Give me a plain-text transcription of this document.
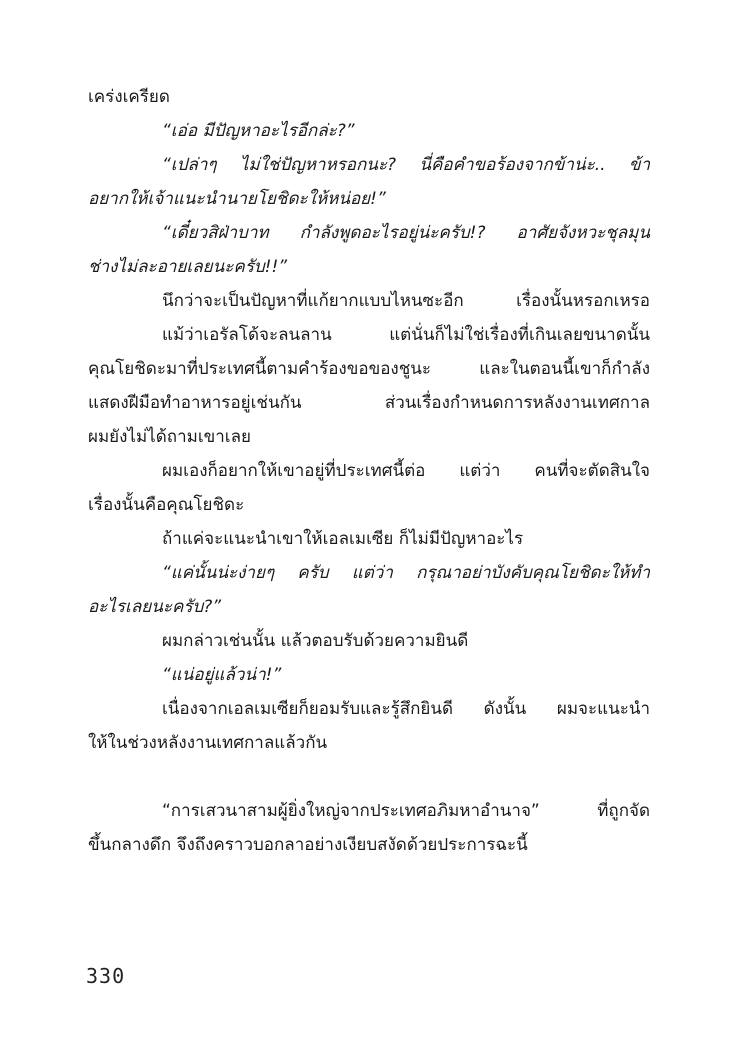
เคร่งเครียด
“เอ่อ มีปัญหาอะไรอีกล่ะ?”
“เปล่าๆ ไม่ใช่ปัญหาหรอกนะ? นี่คือคำขอร้องจากข้าน่ะ.. ข้า
อยากให้เจ้าแนะนำนายโยชิดะให้หน่อย!”
“เดี๋ยวสิฝ่าบาท กำลังพูดอะไรอยู่น่ะครับ!? อาศัยจังหวะชุลมุน
ช่างไม่ละอายเลยนะครับ!!”
นึกว่าจะเป็นปัญหาที่แก้ยากแบบไหนซะอีก เรื่องนั้นหรอกเหรอ
แม้ว่าเอรัลโด้จะลนลาน แต่นั่นก็ไม่ใช่เรื่องที่เกินเลยขนาดนั้น
คุณโยชิดะมาที่ประเทศนี้ตามคำร้องขอของชูนะ และในตอนนี้เขาก็กำลัง
แสดงฝีมือทำอาหารอยู่เช่นกัน ส่วนเรื่องกำหนดการหลังงานเทศกาล
ผมยังไม่ได้ถามเขาเลย
ผมเองก็อยากให้เขาอยู่ที่ประเทศนี้ต่อ แต่ว่า คนที่จะตัดสินใจ
เรื่องนั้นคือคุณโยชิดะ
ถ้าแค่จะแนะนำเขาให้เอลเมเซีย ก็ไม่มีปัญหาอะไร
“แค่นั้นน่ะง่ายๆ ครับ แต่ว่า กรุณาอย่าบังคับคุณโยชิดะให้ทำ
อะไรเลยนะครับ?”
ผมกล่าวเช่นนั้น แล้วตอบรับด้วยความยินดี
“แน่อยู่แล้วน่า!”
เนื่องจากเอลเมเซียก็ยอมรับและรู้สึกยินดี ดังนั้น ผมจะแนะนำ
ให้ในช่วงหลังงานเทศกาลแล้วกัน
“การเสวนาสามผู้ยิ่งใหญ่จากประเทศอภิมหาอำนาจ” ที่ถูกจัด
ขึ้นกลางดึก จึงถึงคราวบอกลาอย่างเงียบสงัดด้วยประการฉะนี้
330
